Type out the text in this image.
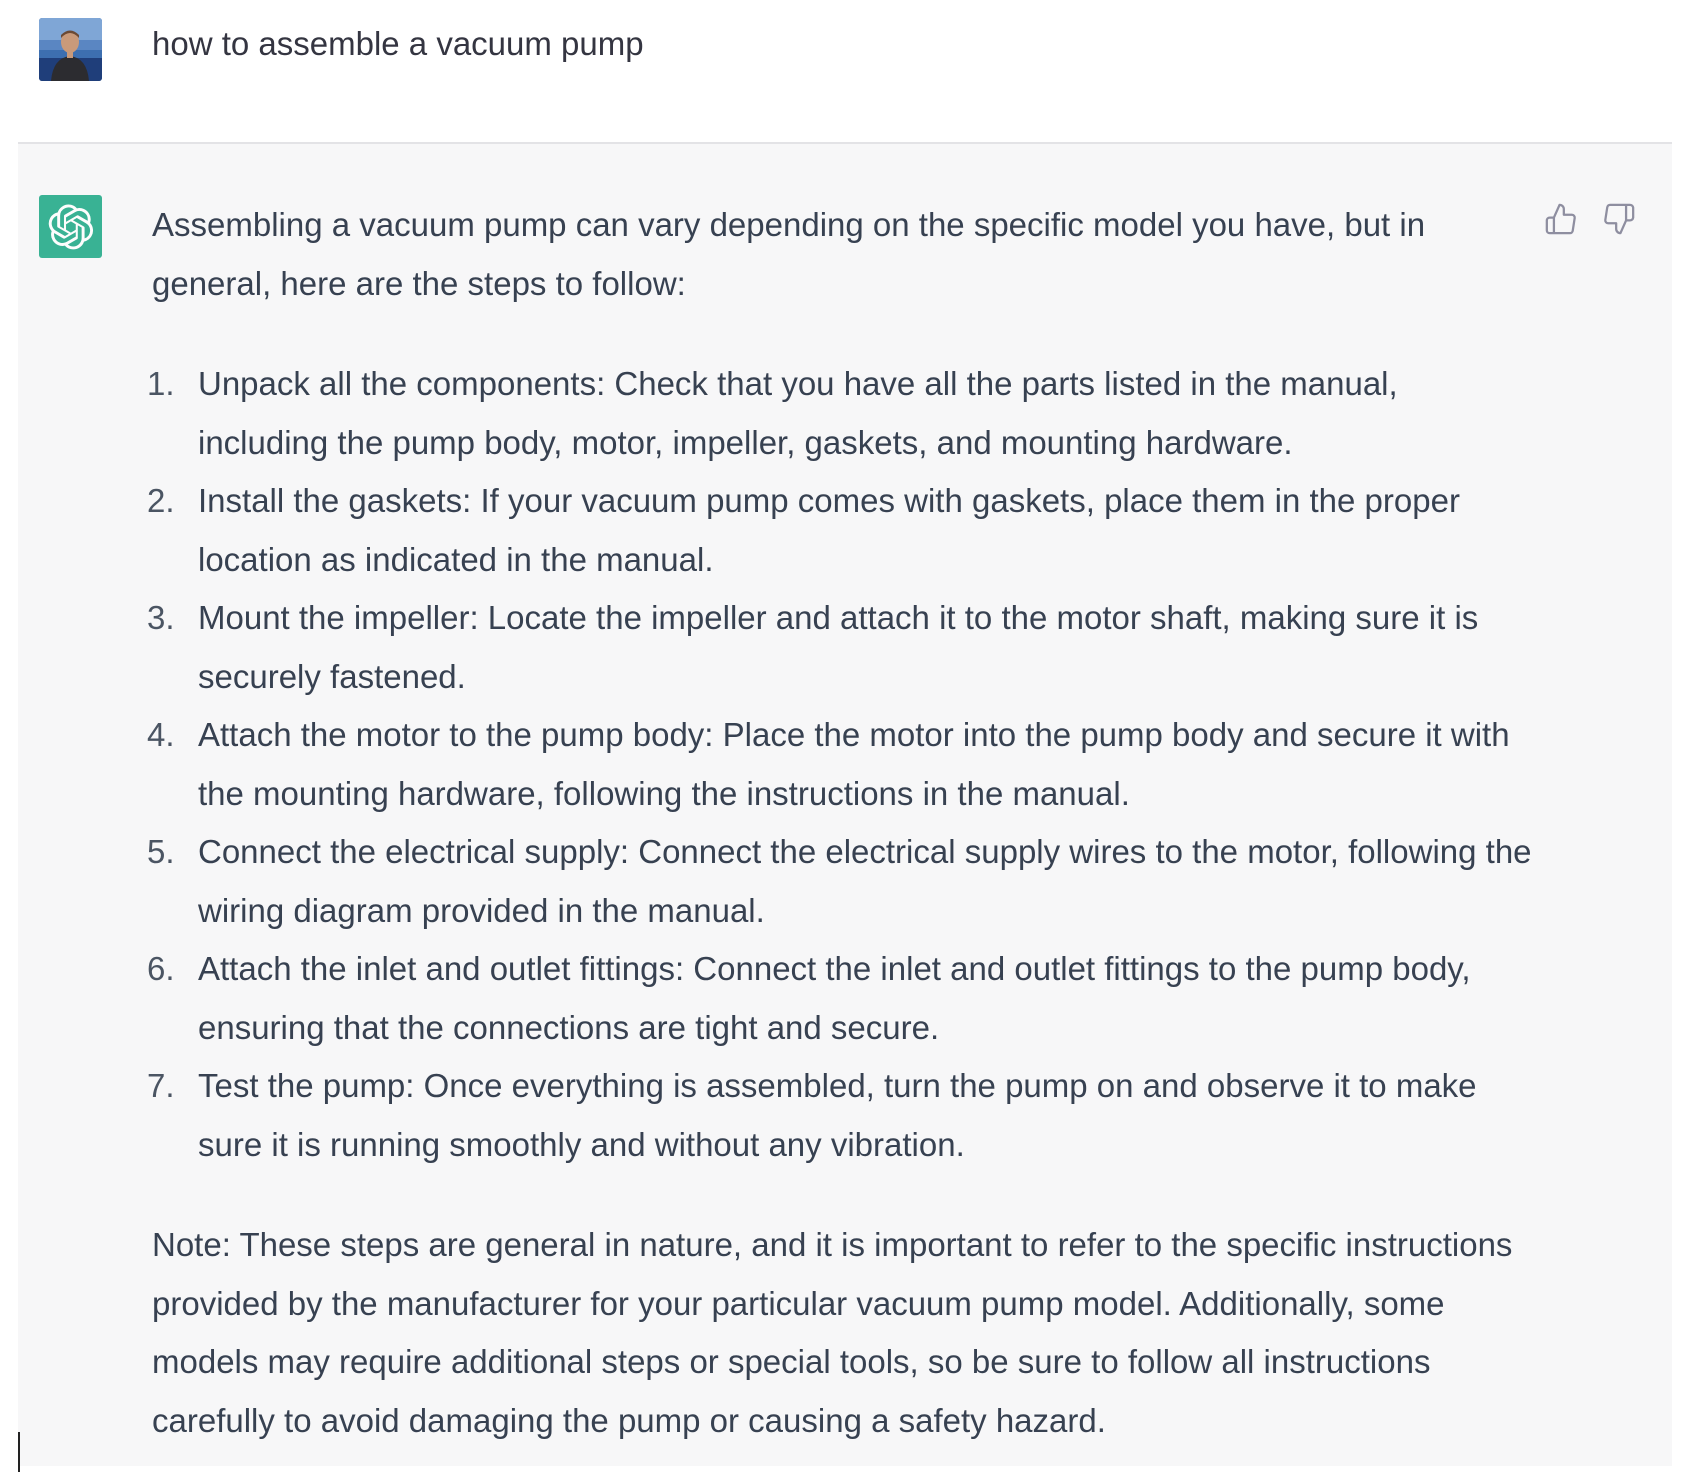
how to assemble a vacuum pump

Assembling a vacuum pump can vary depending on the specific model you have, but in general, here are the steps to follow:

1. Unpack all the components: Check that you have all the parts listed in the manual, including the pump body, motor, impeller, gaskets, and mounting hardware.
2. Install the gaskets: If your vacuum pump comes with gaskets, place them in the proper location as indicated in the manual.
3. Mount the impeller: Locate the impeller and attach it to the motor shaft, making sure it is securely fastened.
4. Attach the motor to the pump body: Place the motor into the pump body and secure it with the mounting hardware, following the instructions in the manual.
5. Connect the electrical supply: Connect the electrical supply wires to the motor, following the wiring diagram provided in the manual.
6. Attach the inlet and outlet fittings: Connect the inlet and outlet fittings to the pump body, ensuring that the connections are tight and secure.
7. Test the pump: Once everything is assembled, turn the pump on and observe it to make sure it is running smoothly and without any vibration.

Note: These steps are general in nature, and it is important to refer to the specific instructions provided by the manufacturer for your particular vacuum pump model. Additionally, some models may require additional steps or special tools, so be sure to follow all instructions carefully to avoid damaging the pump or causing a safety hazard.
